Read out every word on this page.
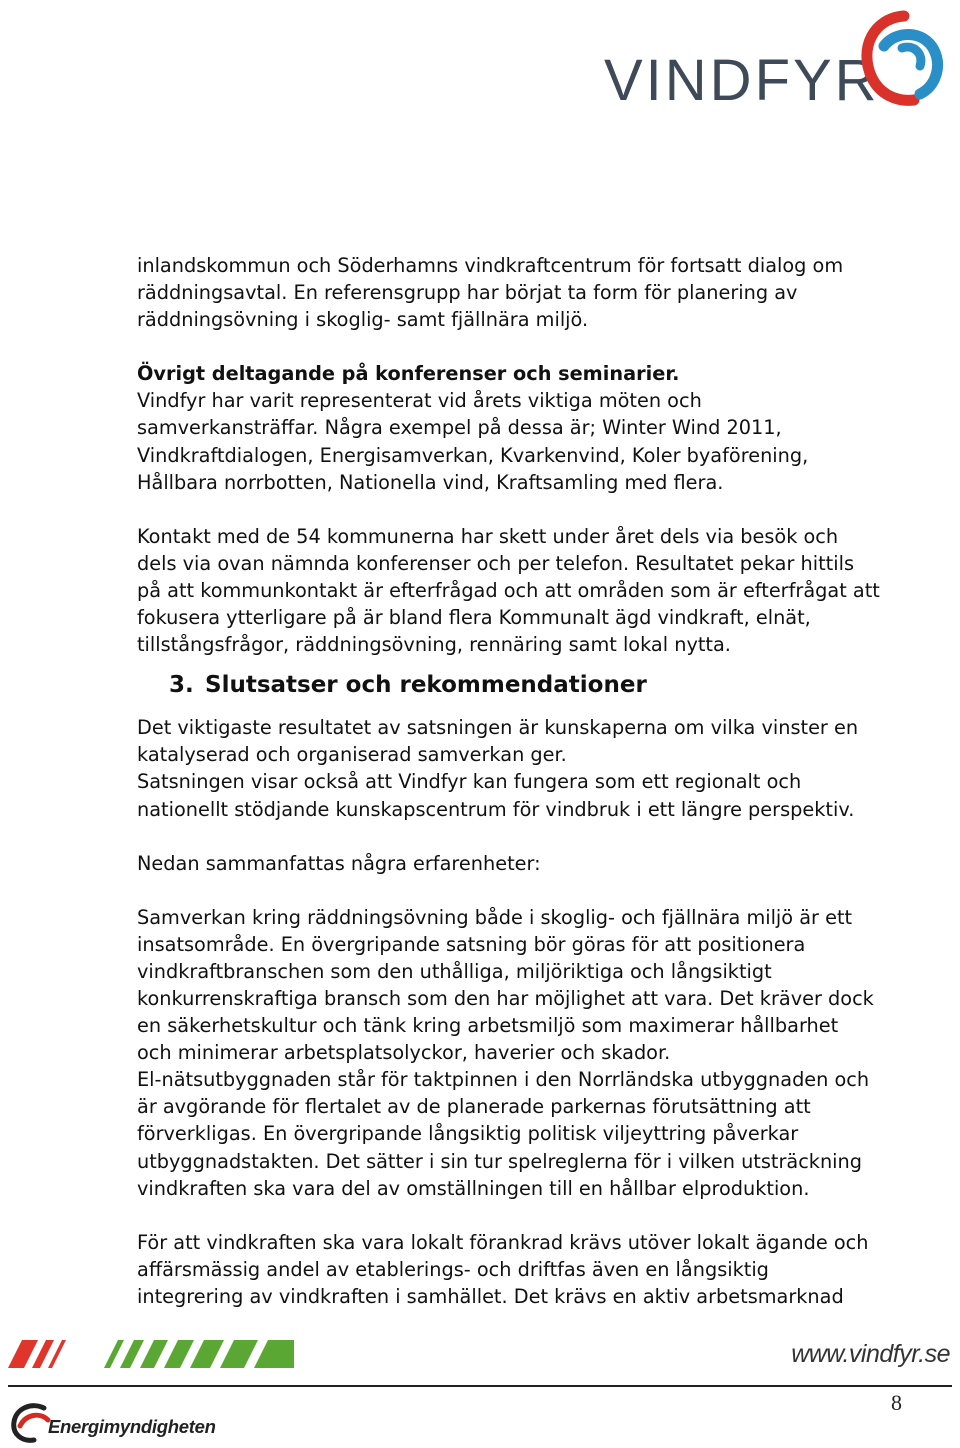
VINDFYR
inlandskommun och Söderhamns vindkraftcentrum för fortsatt dialog om
räddningsavtal. En referensgrupp har börjat ta form för planering av
räddningsövning i skoglig- samt fjällnära miljö.
Övrigt deltagande på konferenser och seminarier.
Vindfyr har varit representerat vid årets viktiga möten och
samverkansträffar. Några exempel på dessa är; Winter Wind 2011,
Vindkraftdialogen, Energisamverkan, Kvarkenvind, Koler byaförening,
Hållbara norrbotten, Nationella vind, Kraftsamling med flera.
Kontakt med de 54 kommunerna har skett under året dels via besök och
dels via ovan nämnda konferenser och per telefon. Resultatet pekar hittils
på att kommunkontakt är efterfrågad och att områden som är efterfrågat att
fokusera ytterligare på är bland flera Kommunalt ägd vindkraft, elnät,
tillstångsfrågor, räddningsövning, rennäring samt lokal nytta.
3. Slutsatser och rekommendationer
Det viktigaste resultatet av satsningen är kunskaperna om vilka vinster en
katalyserad och organiserad samverkan ger.
Satsningen visar också att Vindfyr kan fungera som ett regionalt och
nationellt stödjande kunskapscentrum för vindbruk i ett längre perspektiv.
Nedan sammanfattas några erfarenheter:
Samverkan kring räddningsövning både i skoglig- och fjällnära miljö är ett
insatsområde. En övergripande satsning bör göras för att positionera
vindkraftbranschen som den uthålliga, miljöriktiga och långsiktigt
konkurrenskraftiga bransch som den har möjlighet att vara. Det kräver dock
en säkerhetskultur och tänk kring arbetsmiljö som maximerar hållbarhet
och minimerar arbetsplatsolyckor, haverier och skador.
El-nätsutbyggnaden står för taktpinnen i den Norrländska utbyggnaden och
är avgörande för flertalet av de planerade parkernas förutsättning att
förverkligas. En övergripande långsiktig politisk viljeyttring påverkar
utbyggnadstakten. Det sätter i sin tur spelreglerna för i vilken utsträckning
vindkraften ska vara del av omställningen till en hållbar elproduktion.
För att vindkraften ska vara lokalt förankrad krävs utöver lokalt ägande och
affärsmässig andel av etablerings- och driftfas även en långsiktig
integrering av vindkraften i samhället. Det krävs en aktiv arbetsmarknad
www.vindfyr.se
8
Energimyndigheten
